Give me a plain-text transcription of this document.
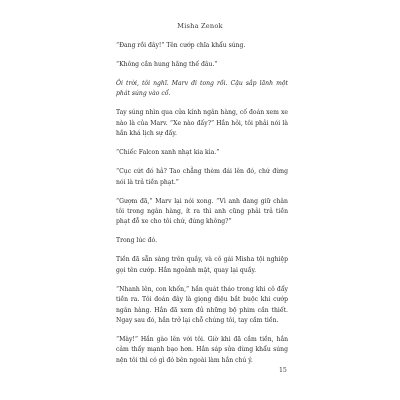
Misha Zenok

“Đang rồi đây!” Tên cướp chĩa khẩu súng.

“Không cần hung hăng thế đâu.”

Ôi trời, tôi nghĩ. Marv đi tong rồi. Cậu sắp lãnh một phát súng vào cổ.

Tay súng nhìn qua cửa kính ngân hàng, cố đoán xem xe nào là của Marv. “Xe nào đấy?” Hắn hỏi, tôi phải nói là hắn khá lịch sự đấy.

“Chiếc Falcon xanh nhạt kia kìa.”

“Cục cứt đó hả? Tao chẳng thèm đái lên đó, chứ đừng nói là trả tiền phạt.”

“Gượm đã,” Marv lại nói xong. “Vì anh đang giữ chân tôi trong ngân hàng, ít ra thì anh cũng phải trả tiền phạt đỗ xe cho tôi chứ, đúng không?”

Trong lúc đó.

Tiền đã sẵn sàng trên quầy, và cô gái Misha tội nghiệp gọi tên cướp. Hắn ngoảnh mặt, quay lại quầy.

“Nhanh lên, con khốn,” hắn quát tháo trong khi cô đẩy tiền ra. Tôi đoán đây là giọng điệu bắt buộc khi cướp ngân hàng. Hắn đã xem đủ những bộ phim cần thiết. Ngay sau đó, hắn trở lại chỗ chúng tôi, tay cầm tiền.

“Mày!” Hắn gào lên với tôi. Giờ khi đã cầm tiền, hắn cảm thấy mạnh bạo hơn. Hắn sáp sửa dùng khẩu súng nện tôi thì có gì đó bên ngoài làm hắn chú ý.

15
